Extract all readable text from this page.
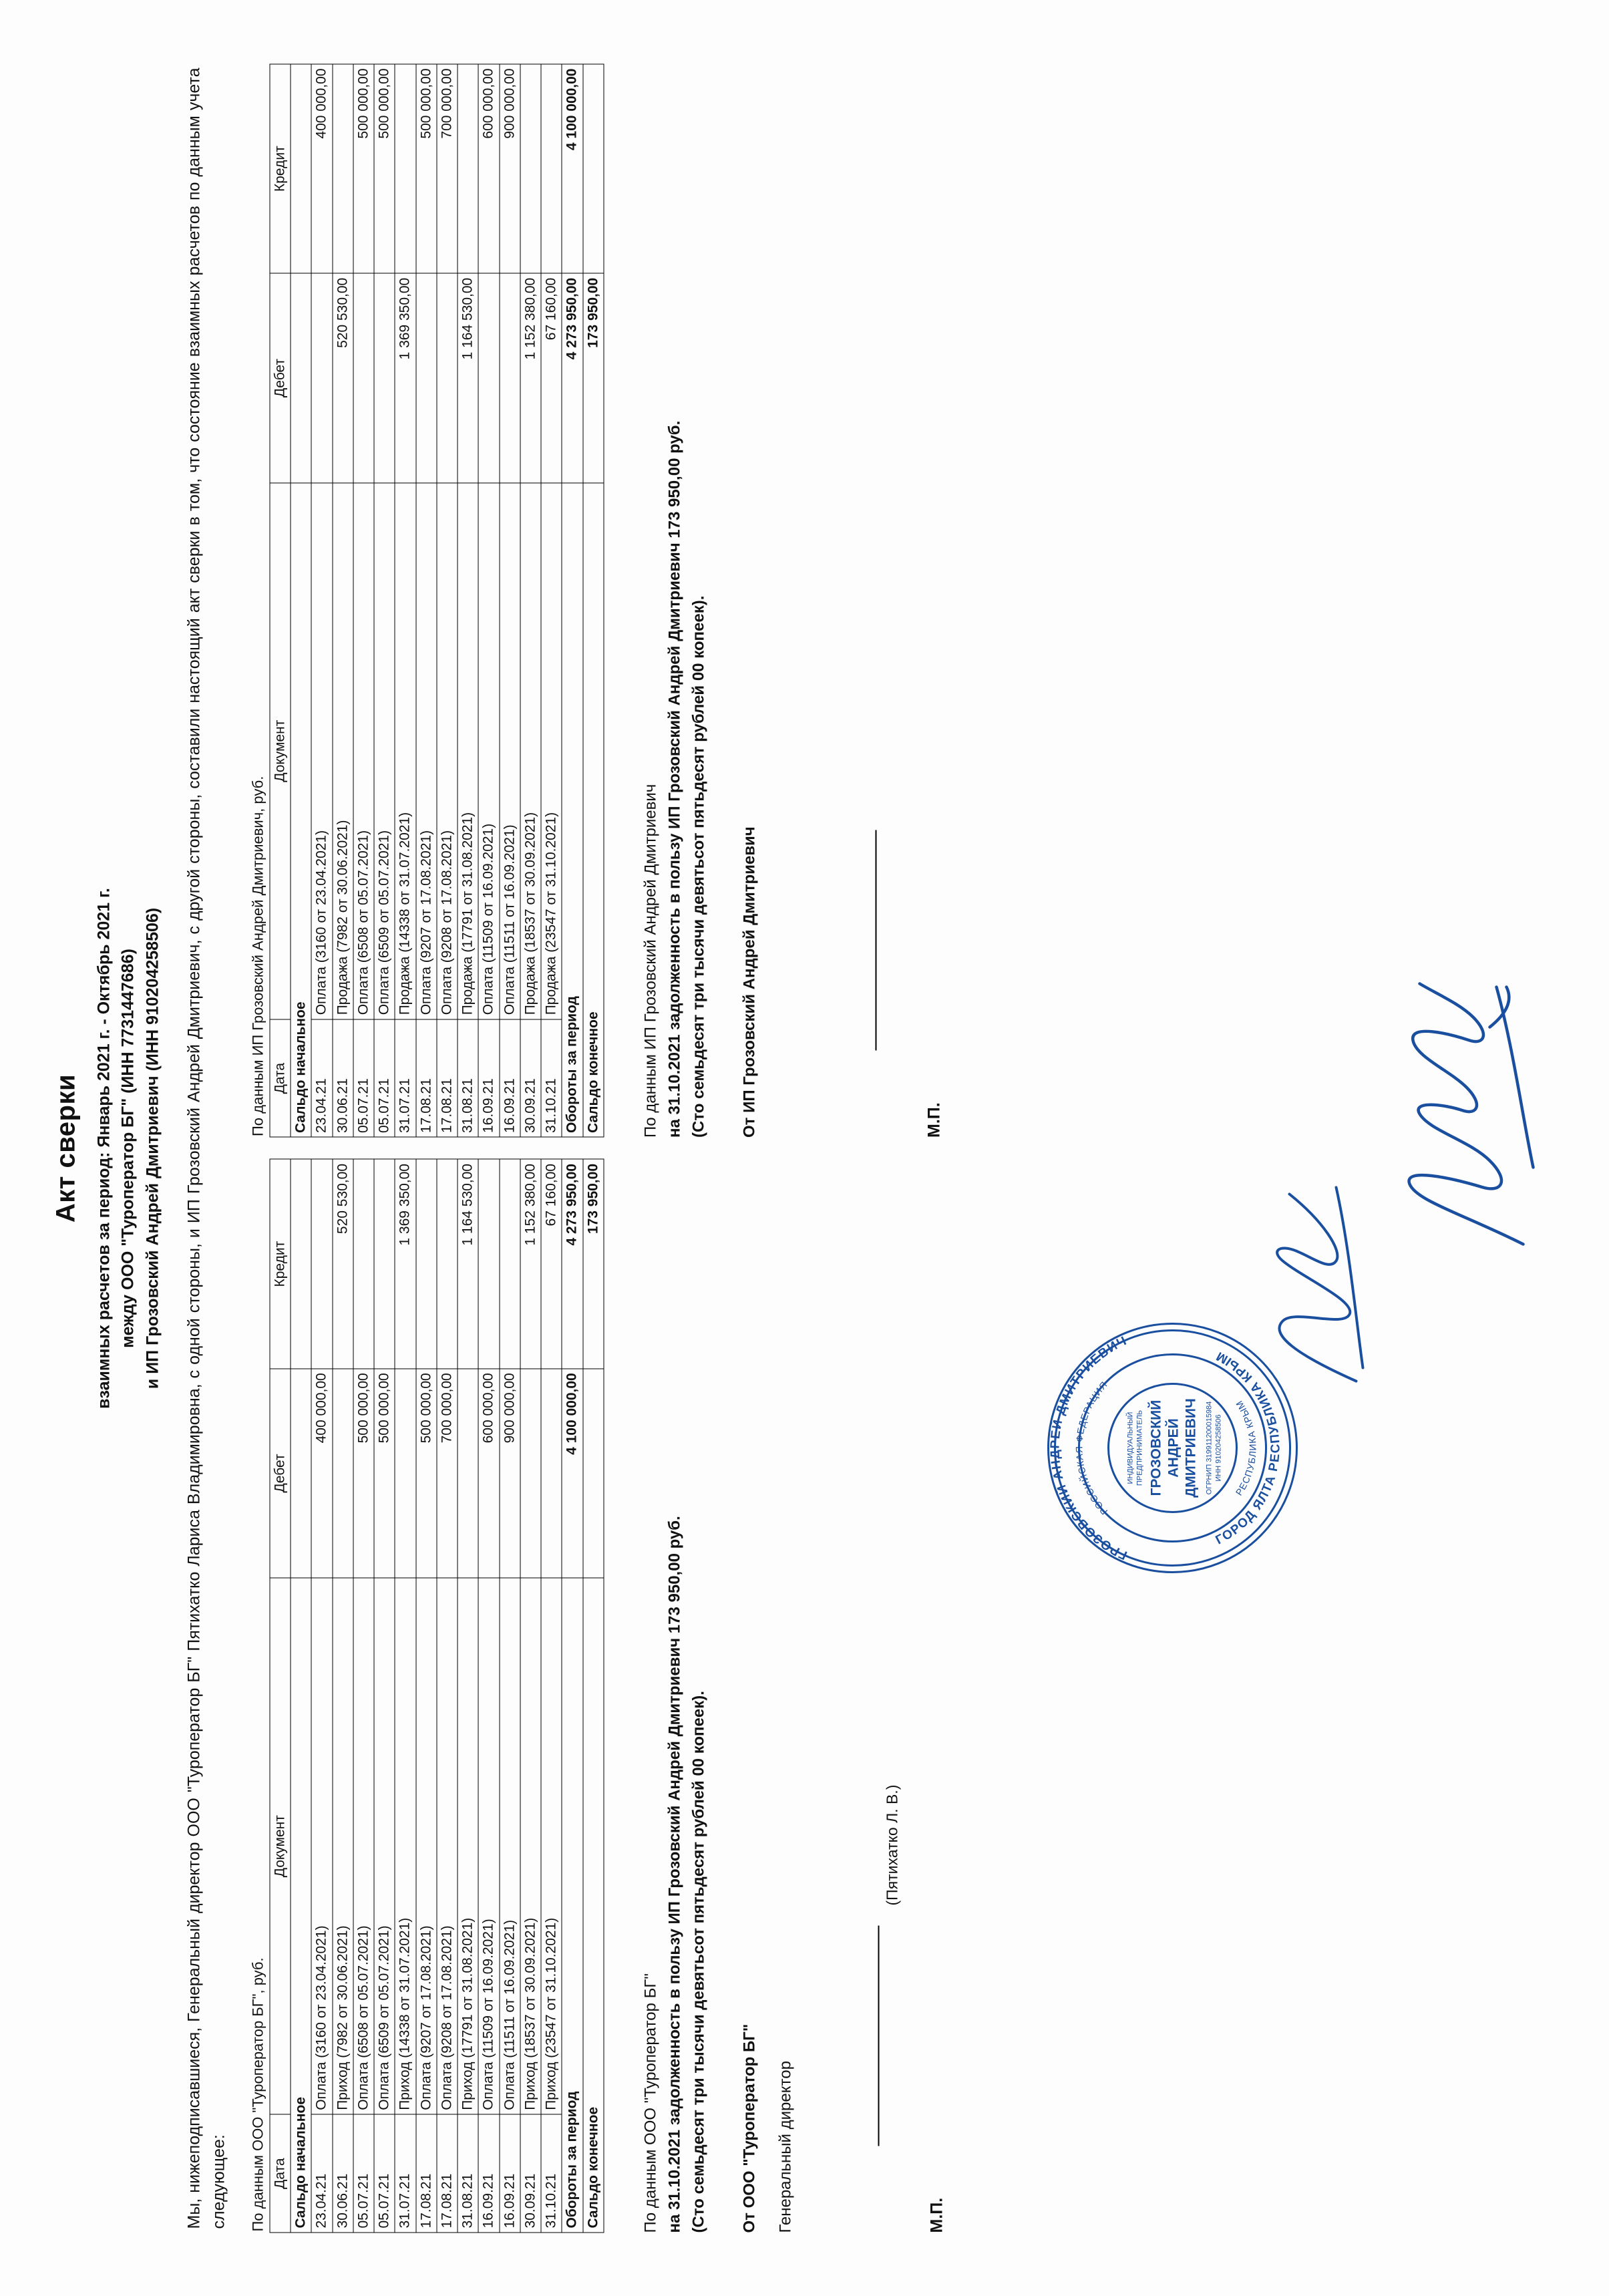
Акт сверки взаимных расчетов за период: Январь 2021 г. - Октябрь 2021 г. между ООО "Туроператор БГ" (ИНН 7731447686) и ИП Грозовский Андрей Дмитриевич (ИНН 910204258506) Мы, нижеподписавшиеся, Генеральный директор ООО "Туроператор БГ" Пятихатко Лариса Владимировна, с одной стороны, и ИП Грозовский Андрей Дмитриевич, с другой стороны, составили настоящий акт сверки в том, что состояние взаимных расчетов по данным учета следующее: По данным ООО "Туроператор БГ", руб. Дата	Документ	Дебет	Кредит
Сальдо начальное			
23.04.21	Оплата (3160 от 23.04.2021)	400 000,00	
30.06.21	Приход (7982 от 30.06.2021)		520 530,00
05.07.21	Оплата (6508 от 05.07.2021)	500 000,00	
05.07.21	Оплата (6509 от 05.07.2021)	500 000,00	
31.07.21	Приход (14338 от 31.07.2021)		1 369 350,00
17.08.21	Оплата (9207 от 17.08.2021)	500 000,00	
17.08.21	Оплата (9208 от 17.08.2021)	700 000,00	
31.08.21	Приход (17791 от 31.08.2021)		1 164 530,00
16.09.21	Оплата (11509 от 16.09.2021)	600 000,00	
16.09.21	Оплата (11511 от 16.09.2021)	900 000,00	
30.09.21	Приход (18537 от 30.09.2021)		1 152 380,00
31.10.21	Приход (23547 от 31.10.2021)		67 160,00
Обороты за период		4 100 000,00	4 273 950,00
Сальдо конечное			173 950,00
По данным ИП Грозовский Андрей Дмитриевич, руб. Дата	Документ	Дебет	Кредит
Сальдо начальное			
23.04.21	Оплата (3160 от 23.04.2021)		400 000,00
30.06.21	Продажа (7982 от 30.06.2021)	520 530,00	
05.07.21	Оплата (6508 от 05.07.2021)		500 000,00
05.07.21	Оплата (6509 от 05.07.2021)		500 000,00
31.07.21	Продажа (14338 от 31.07.2021)	1 369 350,00	
17.08.21	Оплата (9207 от 17.08.2021)		500 000,00
17.08.21	Оплата (9208 от 17.08.2021)		700 000,00
31.08.21	Продажа (17791 от 31.08.2021)	1 164 530,00	
16.09.21	Оплата (11509 от 16.09.2021)		600 000,00
16.09.21	Оплата (11511 от 16.09.2021)		900 000,00
30.09.21	Продажа (18537 от 30.09.2021)	1 152 380,00	
31.10.21	Продажа (23547 от 31.10.2021)	67 160,00	
Обороты за период		4 273 950,00	4 100 000,00
Сальдо конечное		173 950,00	
По данным ООО "Туроператор БГ" на 31.10.2021 задолженность в пользу ИП Грозовский Андрей Дмитриевич 173 950,00 руб. (Сто семьдесят три тысячи девятьсот пятьдесят рублей 00 копеек).
По данным ИП Грозовский Андрей Дмитриевич на 31.10.2021 задолженность в пользу ИП Грозовский Андрей Дмитриевич 173 950,00 руб. (Сто семьдесят три тысячи девятьсот пятьдесят рублей 00 копеек).
От ООО "Туроператор БГ" Генеральный директор
(Пятихатко Л. В.)
М.П.
От ИП Грозовский Андрей Дмитриевич	М.П.
ГРОЗОВСКИЙ АНДРЕЙ ДМИТРИЕВИЧ
ГОРОД ЯЛТА РЕСПУБЛИКА КРЫМ
РОССИЙСКАЯ ФЕДЕРАЦИЯ
РЕСПУБЛИКА КРЫМ
ИНДИВИДУАЛЬНЫЙ ПРЕДПРИНИМАТЕЛЬ ГРОЗОВСКИЙ АНДРЕЙ ДМИТРИЕВИЧ ОГРНИП 319911200015984 ИНН 910204258506
